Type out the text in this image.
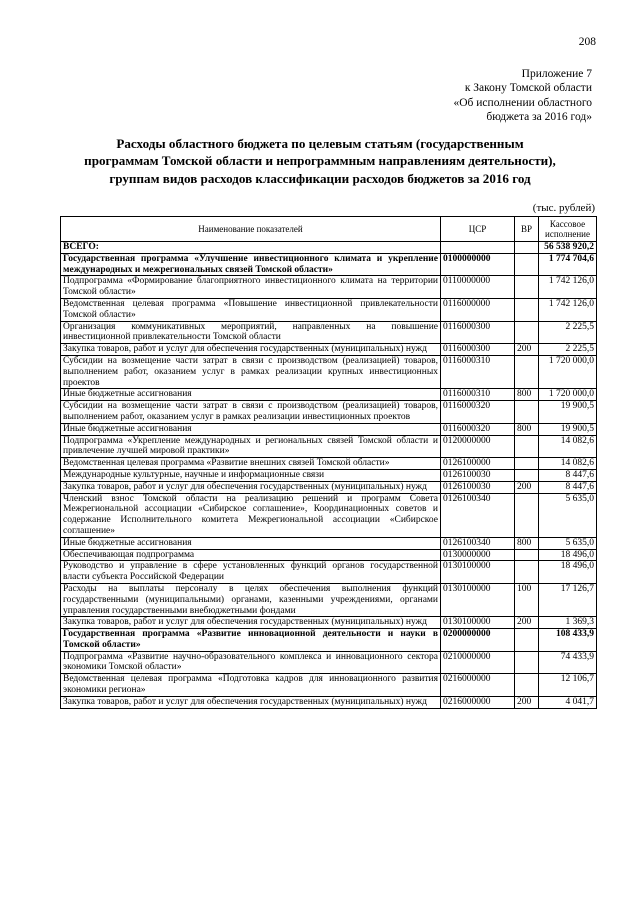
208
Приложение 7
к Закону Томской области
«Об исполнении областного
бюджета за 2016 год»
Расходы областного бюджета по целевым статьям (государственным
программам Томской области и непрограммным направлениям деятельности),
группам видов расходов классификации расходов бюджетов за 2016 год
(тыс. рублей)
Наименование показателей	ЦСР	ВР	Кассовое исполнение
ВСЕГО:			56 538 920,2
Государственная программа «Улучшение инвестиционного климата и укрепление международных и межрегиональных связей Томской области»	0100000000		1 774 704,6
Подпрограмма «Формирование благоприятного инвестиционного климата на территории Томской области»	0110000000		1 742 126,0
Ведомственная целевая программа «Повышение инвестиционной привлекательности Томской области»	0116000000		1 742 126,0
Организация коммуникативных мероприятий, направленных на повышение инвестиционной привлекательности Томской области	0116000300		2 225,5
Закупка товаров, работ и услуг для обеспечения государственных (муниципальных) нужд	0116000300	200	2 225,5
Субсидии на возмещение части затрат в связи с производством (реализацией) товаров, выполнением работ, оказанием услуг в рамках реализации крупных инвестиционных проектов	0116000310		1 720 000,0
Иные бюджетные ассигнования	0116000310	800	1 720 000,0
Субсидии на возмещение части затрат в связи с производством (реализацией) товаров, выполнением работ, оказанием услуг в рамках реализации инвестиционных проектов	0116000320		19 900,5
Иные бюджетные ассигнования	0116000320	800	19 900,5
Подпрограмма «Укрепление международных и региональных связей Томской области и привлечение лучшей мировой практики»	0120000000		14 082,6
Ведомственная целевая программа «Развитие внешних связей Томской области»	0126100000		14 082,6
Международные культурные, научные и информационные связи	0126100030		8 447,6
Закупка товаров, работ и услуг для обеспечения государственных (муниципальных) нужд	0126100030	200	8 447,6
Членский взнос Томской области на реализацию решений и программ Совета Межрегиональной ассоциации «Сибирское соглашение», Координационных советов и содержание Исполнительного комитета Межрегиональной ассоциации «Сибирское соглашение»	0126100340		5 635,0
Иные бюджетные ассигнования	0126100340	800	5 635,0
Обеспечивающая подпрограмма	0130000000		18 496,0
Руководство и управление в сфере установленных функций органов государственной власти субъекта Российской Федерации	0130100000		18 496,0
Расходы на выплаты персоналу в целях обеспечения выполнения функций государственными (муниципальными) органами, казенными учреждениями, органами управления государственными внебюджетными фондами	0130100000	100	17 126,7
Закупка товаров, работ и услуг для обеспечения государственных (муниципальных) нужд	0130100000	200	1 369,3
Государственная программа «Развитие инновационной деятельности и науки в Томской области»	0200000000		108 433,9
Подпрограмма «Развитие научно-образовательного комплекса и инновационного сектора экономики Томской области»	0210000000		74 433,9
Ведомственная целевая программа «Подготовка кадров для инновационного развития экономики региона»	0216000000		12 106,7
Закупка товаров, работ и услуг для обеспечения государственных (муниципальных) нужд	0216000000	200	4 041,7
